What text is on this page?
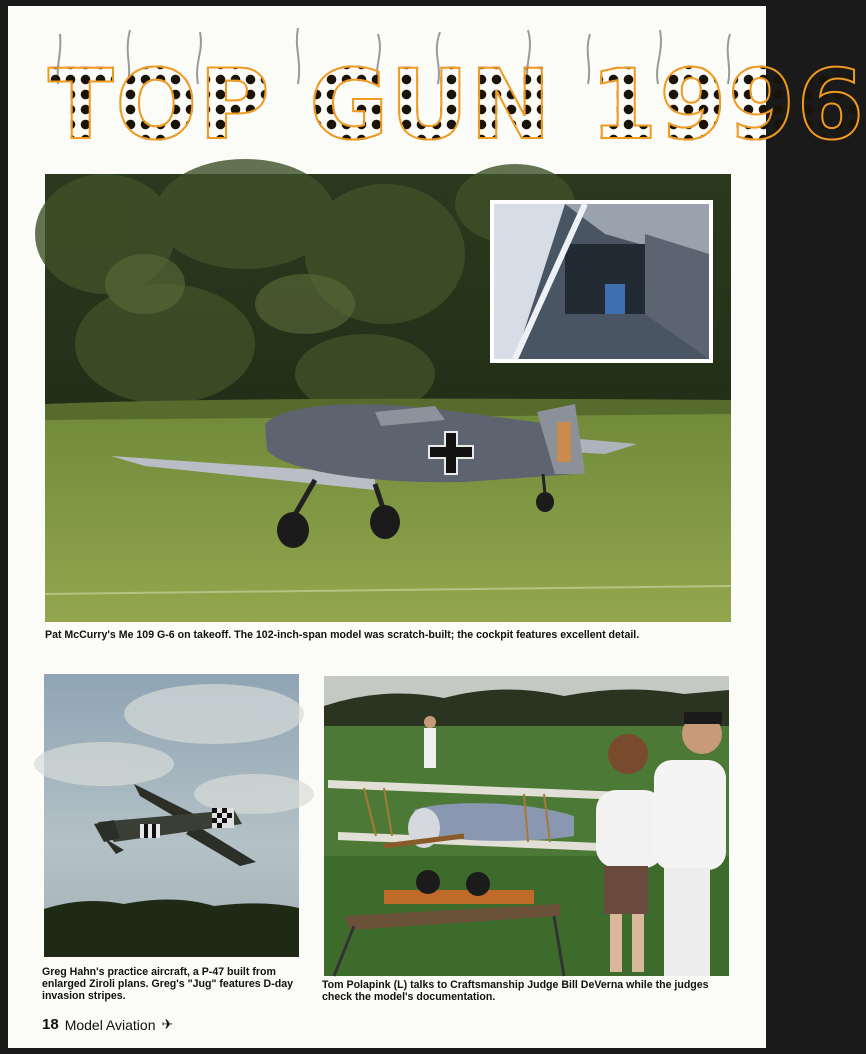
TOP GUN 1996
Pat McCurry's Me 109 G-6 on takeoff. The 102-inch-span model was scratch-built; the cockpit features excellent detail.
Greg Hahn's practice aircraft, a P-47 built from enlarged Ziroli plans. Greg's "Jug" features D-day invasion stripes.
Tom Polapink (L) talks to Craftsmanship Judge Bill DeVerna while the judges check the model's documentation.
18 Model Aviation ✈
